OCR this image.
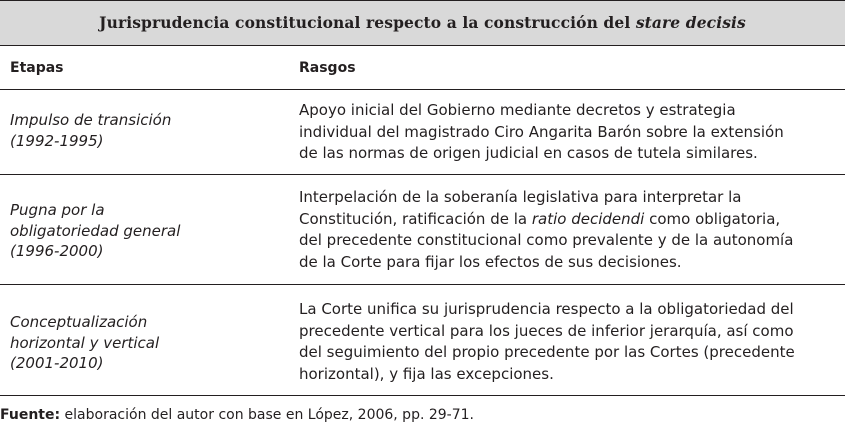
Jurisprudencia constitucional respecto a la construcción del stare decisis
Etapas	Rasgos
Impulso de transición
(1992-1995)
Apoyo inicial del Gobierno mediante decretos y estrategia
individual del magistrado Ciro Angarita Barón sobre la extensión
de las normas de origen judicial en casos de tutela similares.
Pugna por la
obligatoriedad general
(1996-2000)
Interpelación de la soberanía legislativa para interpretar la
Constitución, ratificación de la ratio decidendi como obligatoria,
del precedente constitucional como prevalente y de la autonomía
de la Corte para fijar los efectos de sus decisiones.
Conceptualización
horizontal y vertical
(2001-2010)
La Corte unifica su jurisprudencia respecto a la obligatoriedad del
precedente vertical para los jueces de inferior jerarquía, así como
del seguimiento del propio precedente por las Cortes (precedente
horizontal), y fija las excepciones.
Fuente: elaboración del autor con base en López, 2006, pp. 29-71.
